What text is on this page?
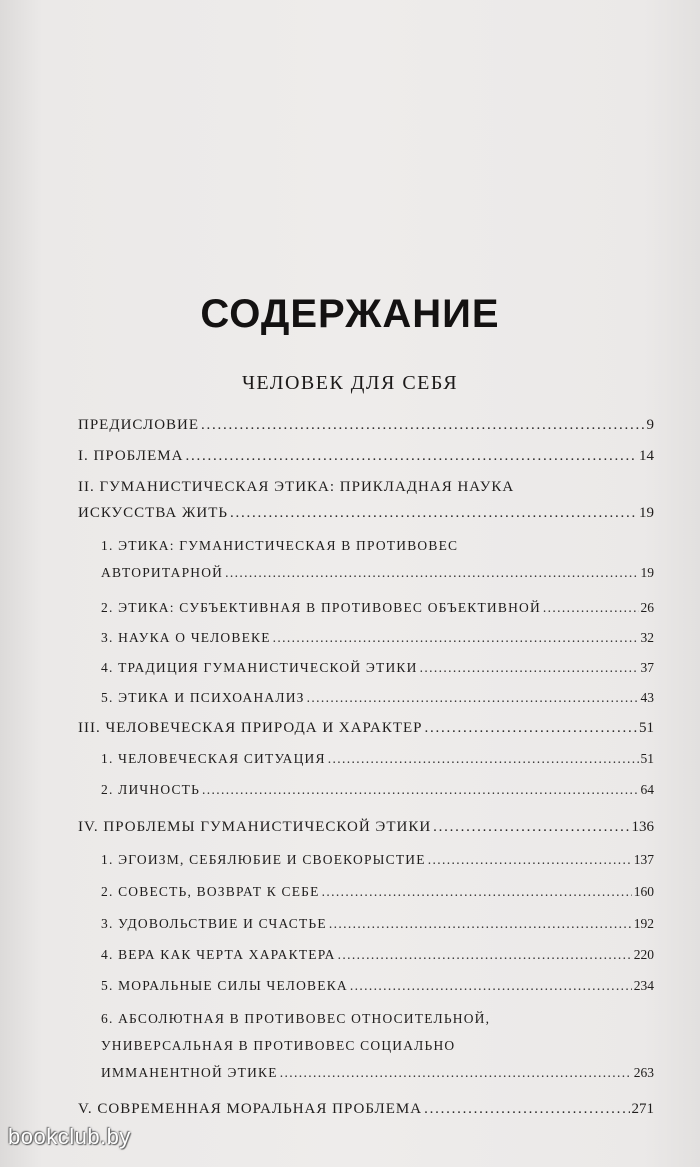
СОДЕРЖАНИЕ
ЧЕЛОВЕК ДЛЯ СЕБЯ
ПРЕДИСЛОВИЕ . . .	9
I. ПРОБЛЕМА . . .	14
II. ГУМАНИСТИЧЕСКАЯ ЭТИКА: ПРИКЛАДНАЯ НАУКА
ИСКУССТВА ЖИТЬ . . .	19
1. ЭТИКА: ГУМАНИСТИЧЕСКАЯ В ПРОТИВОВЕС
АВТОРИТАРНОЙ . . .	19
2. ЭТИКА: СУБЪЕКТИВНАЯ В ПРОТИВОВЕС ОБЪЕКТИВНОЙ . . .	26
3. НАУКА О ЧЕЛОВЕКЕ . . .	32
4. ТРАДИЦИЯ ГУМАНИСТИЧЕСКОЙ ЭТИКИ . . .	37
5. ЭТИКА И ПСИХОАНАЛИЗ . . .	43
III. ЧЕЛОВЕЧЕСКАЯ ПРИРОДА И ХАРАКТЕР . . .	51
1. ЧЕЛОВЕЧЕСКАЯ СИТУАЦИЯ . . .	51
2. ЛИЧНОСТЬ . . .	64
IV. ПРОБЛЕМЫ ГУМАНИСТИЧЕСКОЙ ЭТИКИ . . .	136
1. ЭГОИЗМ, СЕБЯЛЮБИЕ И СВОЕКОРЫСТИЕ . . .	137
2. СОВЕСТЬ, ВОЗВРАТ К СЕБЕ . . .	160
3. УДОВОЛЬСТВИЕ И СЧАСТЬЕ . . .	192
4. ВЕРА КАК ЧЕРТА ХАРАКТЕРА . . .	220
5. МОРАЛЬНЫЕ СИЛЫ ЧЕЛОВЕКА . . .	234
6. АБСОЛЮТНАЯ В ПРОТИВОВЕС ОТНОСИТЕЛЬНОЙ,
УНИВЕРСАЛЬНАЯ В ПРОТИВОВЕС СОЦИАЛЬНО
ИММАНЕНТНОЙ ЭТИКЕ . . .	263
V. СОВРЕМЕННАЯ МОРАЛЬНАЯ ПРОБЛЕМА . . .	271
bookclub.by
